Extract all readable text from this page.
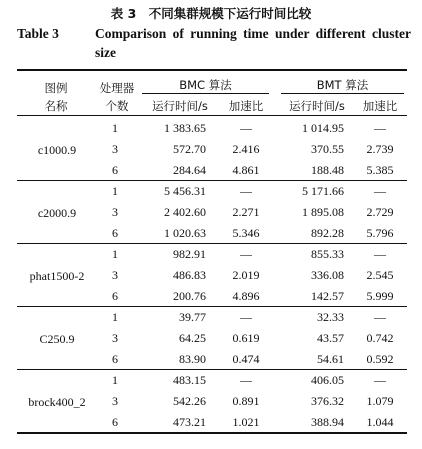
表 3　不同集群规模下运行时间比较
Table 3	Comparison of running time under different cluster size
图例
名称
处理器
个数
BMC 算法	BMT 算法
运行时间/s	加速比	运行时间/s	加速比
c1000.9
1	1 383.65	—	1 014.95	—
3	572.70	2.416	370.55	2.739
6	284.64	4.861	188.48	5.385
c2000.9
1	5 456.31	—	5 171.66	—
3	2 402.60	2.271	1 895.08	2.729
6	1 020.63	5.346	892.28	5.796
phat1500-2
1	982.91	—	855.33	—
3	486.83	2.019	336.08	2.545
6	200.76	4.896	142.57	5.999
C250.9
1	39.77	—	32.33	—
3	64.25	0.619	43.57	0.742
6	83.90	0.474	54.61	0.592
brock400_2
1	483.15	—	406.05	—
3	542.26	0.891	376.32	1.079
6	473.21	1.021	388.94	1.044
